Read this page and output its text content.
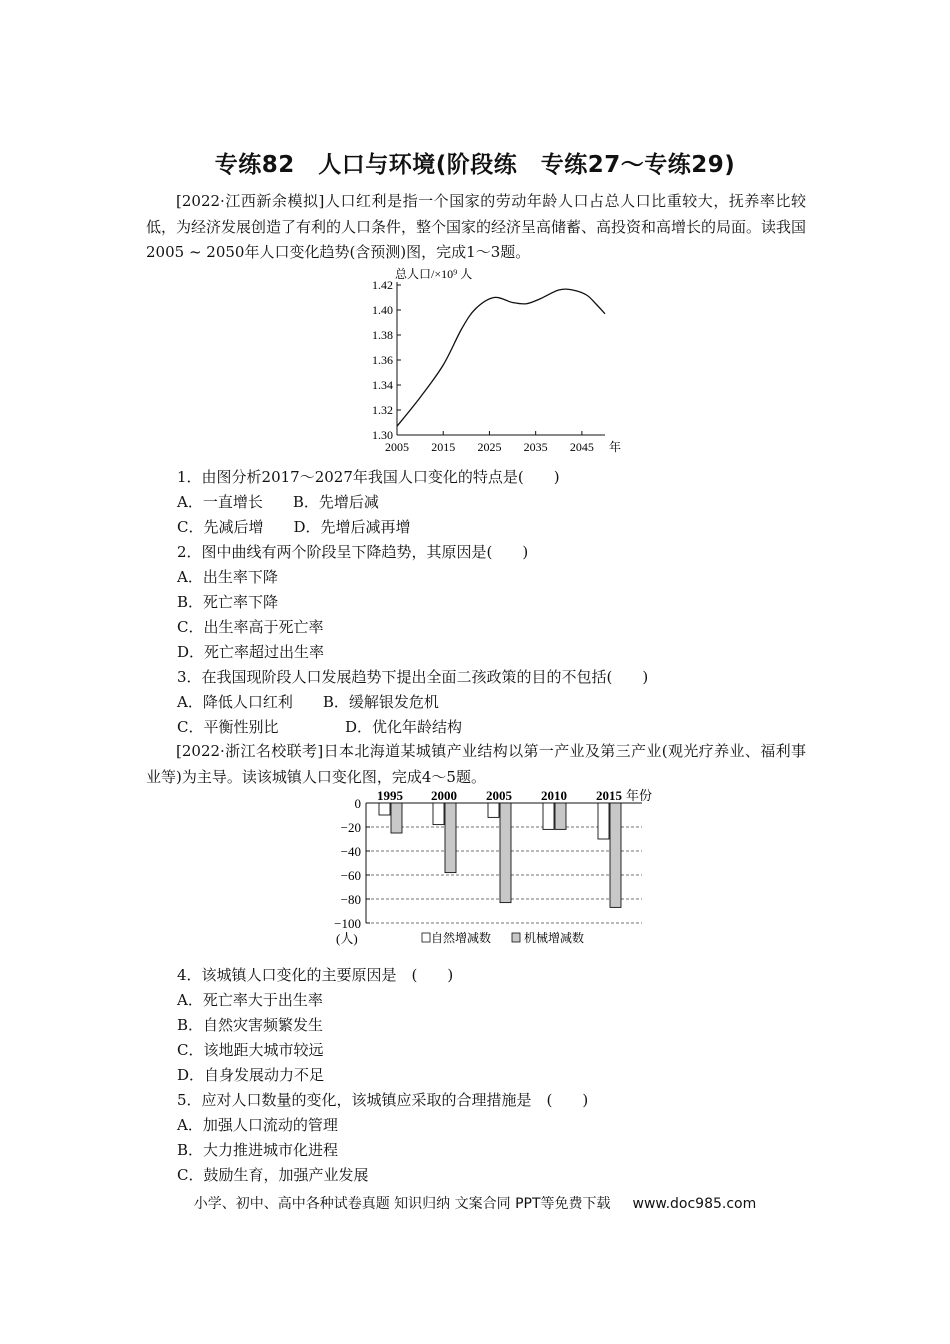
专练82　人口与环境(阶段练　专练27～专练29)
[2022·江西新余模拟]人口红利是指一个国家的劳动年龄人口占总人口比重较大，抚养率比较低，为经济发展创造了有利的人口条件，整个国家的经济呈高储蓄、高投资和高增长的局面。读我国2005 ~ 2050年人口变化趋势(含预测)图，完成1～3题。
总人口/×10⁹ 人
1.42
1.40
1.38
1.36
1.34
1.32
1.30
2005 2015 2025 2035 2045 年
1．由图分析2017～2027年我国人口变化的特点是(　　)
A．一直增长 B．先增后减
C．先减后增 D．先增后减再增
2．图中曲线有两个阶段呈下降趋势，其原因是(　　)
A．出生率下降
B．死亡率下降
C．出生率高于死亡率
D．死亡率超过出生率
3．在我国现阶段人口发展趋势下提出全面二孩政策的目的不包括(　　)
A．降低人口红利 B．缓解银发危机
C．平衡性别比	D．优化年龄结构
[2022·浙江名校联考]日本北海道某城镇产业结构以第一产业及第三产业(观光疗养业、福利事业等)为主导。读该城镇人口变化图，完成4～5题。
0
−20
−40
−60
−80
−100
1995 2000 2005 2010 2015 年份
(人)	自然增减数	机械增减数
4．该城镇人口变化的主要原因是　(　　)
A．死亡率大于出生率
B．自然灾害频繁发生
C．该地距大城市较远
D．自身发展动力不足
5．应对人口数量的变化，该城镇应采取的合理措施是　(　　)
A．加强人口流动的管理
B．大力推进城市化进程
C．鼓励生育，加强产业发展
小学、初中、高中各种试卷真题 知识归纳 文案合同 PPT等免费下载 www.doc985.com
